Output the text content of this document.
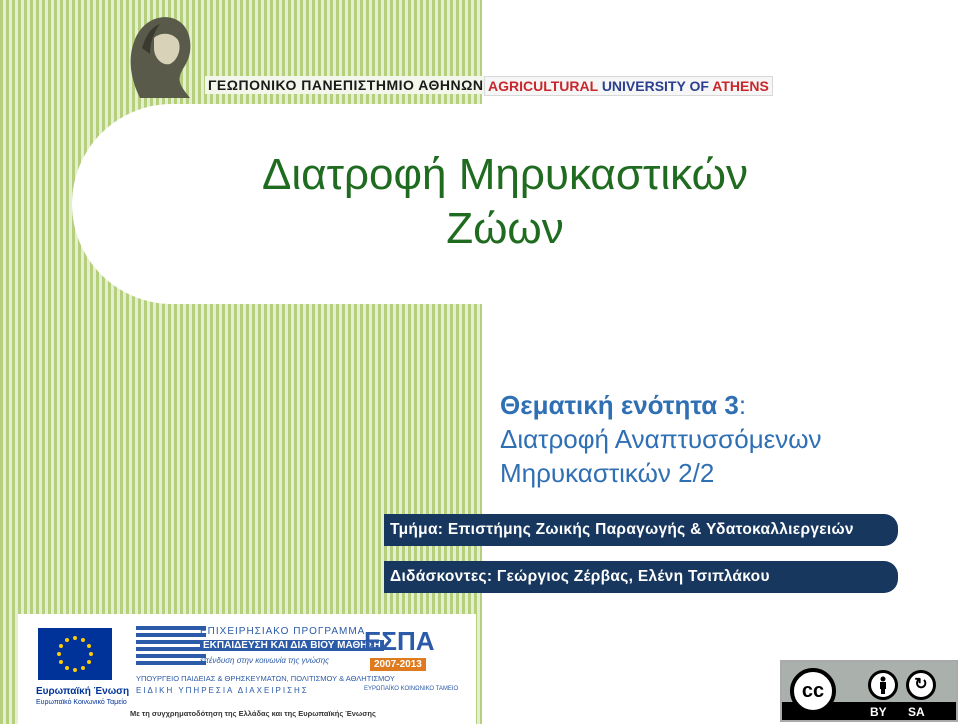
ΓΕΩΠΟΝΙΚΟ ΠΑΝΕΠΙΣΤΗΜΙΟ ΑΘΗΝΩΝ AGRICULTURAL UNIVERSITY OF ATHENS
Διατροφή Μηρυκαστικών
Ζώων
Θεματική ενότητα 3:
Διατροφή Αναπτυσσόμενων
Μηρυκαστικών 2/2
Τμήμα: Επιστήμης Ζωικής Παραγωγής & Υδατοκαλλιεργειών
Διδάσκοντες: Γεώργιος Ζέρβας, Ελένη Τσιπλάκου
Ευρωπαϊκή Ένωση
Ευρωπαϊκό Κοινωνικό Ταμείο
ΕΠΙΧΕΙΡΗΣΙΑΚΟ ΠΡΟΓΡΑΜΜΑ
ΕΚΠΑΙΔΕΥΣΗ ΚΑΙ ΔΙΑ ΒΙΟΥ ΜΑΘΗΣΗ
επένδυση στην κοινωνία της γνώσης
ΥΠΟΥΡΓΕΙΟ ΠΑΙΔΕΙΑΣ & ΘΡΗΣΚΕΥΜΑΤΩΝ, ΠΟΛΙΤΙΣΜΟΥ & ΑΘΛΗΤΙΣΜΟΥ
ΕΙΔΙΚΗ ΥΠΗΡΕΣΙΑ ΔΙΑΧΕΙΡΙΣΗΣ
ΕΣΠΑ
2007-2013
ΕΥΡΩΠΑΪΚΟ ΚΟΙΝΩΝΙΚΟ ΤΑΜΕΙΟ
Με τη συγχρηματοδότηση της Ελλάδας και της Ευρωπαϊκής Ένωσης
cc	↻
BY SA
